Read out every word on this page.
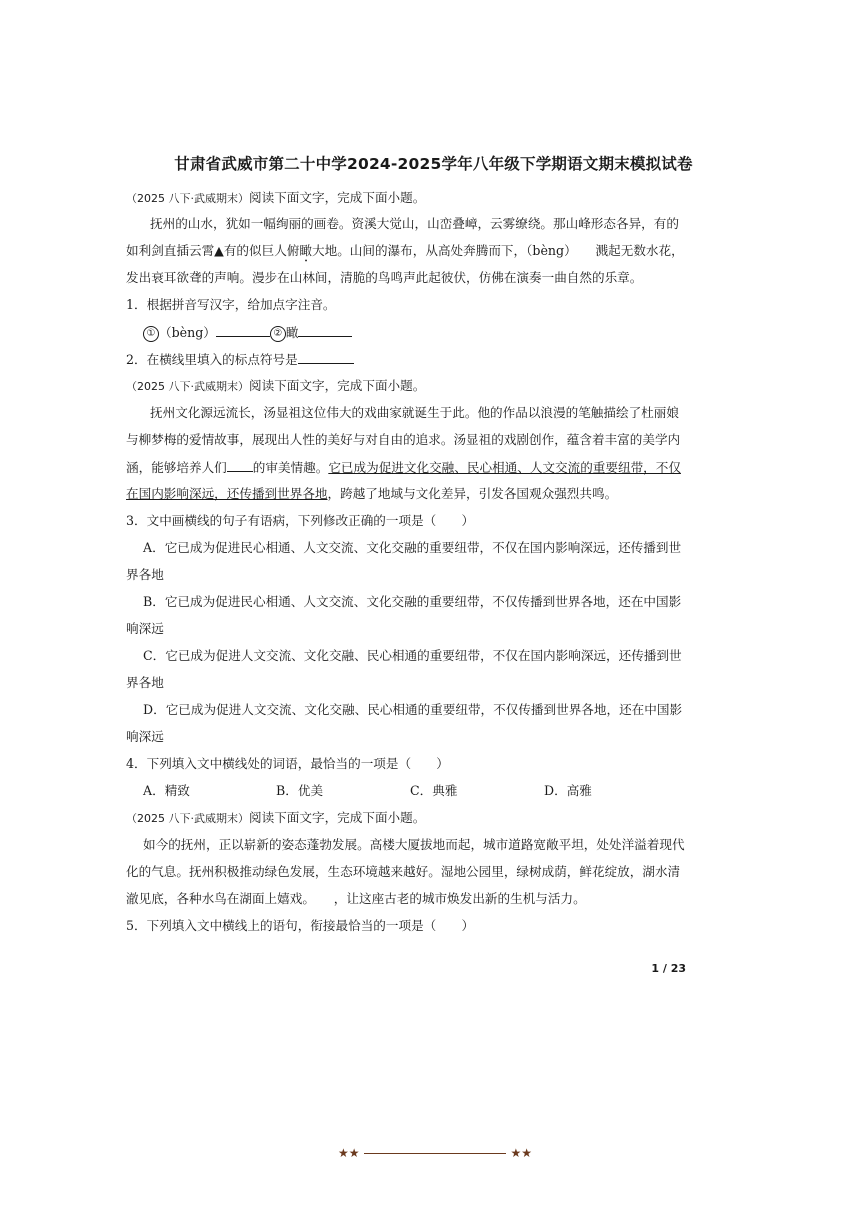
甘肃省武威市第二十中学2024-2025学年八年级下学期语文期末模拟试卷
（2025 八下·武威期末）阅读下面文字，完成下面小题。
抚州的山水，犹如一幅绚丽的画卷。资溪大觉山，山峦叠嶂，云雾缭绕。那山峰形态各异，有的
如利剑直插云霄▲有的似巨人俯瞰大地。山间的瀑布，从高处奔腾而下，（bèng）　　溅起无数水花，
发出衰耳欲聋的声响。漫步在山林间，清脆的鸟鸣声此起彼伏，仿佛在演奏一曲自然的乐章。
1．根据拼音写汉字，给加点字注音。
① （bèng）	② 瞰
2．在横线里填入的标点符号是
（2025 八下·武威期末）阅读下面文字，完成下面小题。
抚州文化源远流长，汤显祖这位伟大的戏曲家就诞生于此。他的作品以浪漫的笔触描绘了杜丽娘
与柳梦梅的爱情故事，展现出人性的美好与对自由的追求。汤显祖的戏剧创作，蕴含着丰富的美学内
涵，能够培养人们 的审美情趣。它已成为促进文化交融、民心相通、人文交流的重要纽带，不仅
在国内影响深远，还传播到世界各地，跨越了地域与文化差异，引发各国观众强烈共鸣。
3．文中画横线的句子有语病，下列修改正确的一项是（　　）
A．它已成为促进民心相通、人文交流、文化交融的重要纽带，不仅在国内影响深远，还传播到世
界各地
B．它已成为促进民心相通、人文交流、文化交融的重要纽带，不仅传播到世界各地，还在中国影
响深远
C．它已成为促进人文交流、文化交融、民心相通的重要纽带，不仅在国内影响深远，还传播到世
界各地
D．它已成为促进人文交流、文化交融、民心相通的重要纽带，不仅传播到世界各地，还在中国影
响深远
4．下列填入文中横线处的词语，最恰当的一项是（　　）
A．精致	B．优美	C．典雅	D．高雅
（2025 八下·武威期末）阅读下面文字，完成下面小题。
如今的抚州，正以崭新的姿态蓬勃发展。高楼大厦拔地而起，城市道路宽敞平坦，处处洋溢着现代
化的气息。抚州积极推动绿色发展，生态环境越来越好。湿地公园里，绿树成荫，鲜花绽放，湖水清
澈见底，各种水鸟在湖面上嬉戏。　　，让这座古老的城市焕发出新的生机与活力。
5．下列填入文中横线上的语句，衔接最恰当的一项是（　　）
1 / 23
★★	★★
